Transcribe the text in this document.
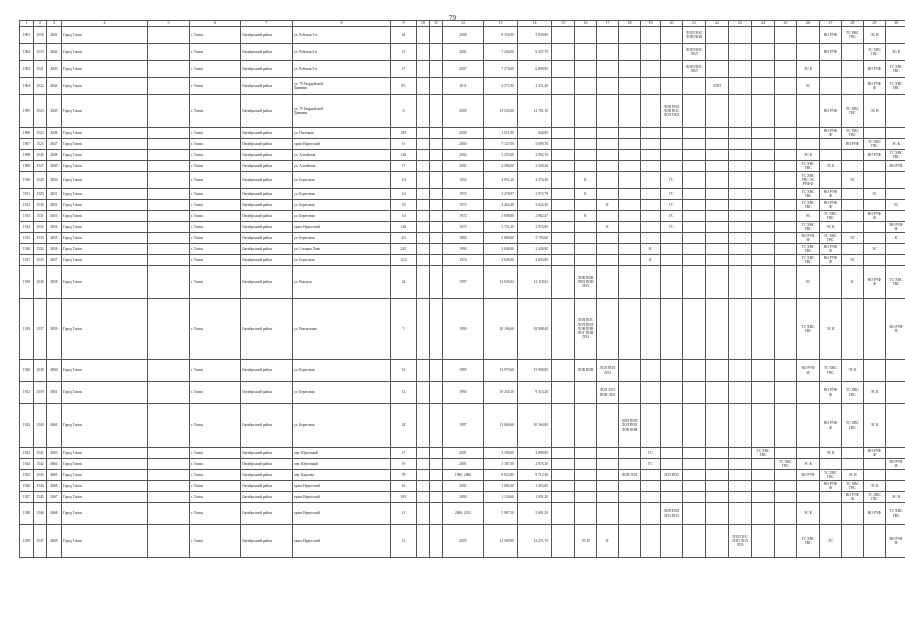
79
1	2	3	4	5	6	7	8	9	10	11	12	13	14	15	16	17	18	19	20	21	22	23	24	25	26	27	28	29	30
1901	1518	4841	Город Томск		г. Томск	Октябрьский район	ул. Рабочая 1-я	44			2008	9 156,90	5 930,80							ЛОП ПОС
ЛОВ ПОВ						ВО РУФ	ТС ХВС
ГВС	ЭС Н	
1902	1519	4842	Город Томск		г. Томск	Октябрьский район	ул. Рабочая 2-я	15			2001	7 244,00	6 507,70							ЛОП ПОС
ЛОЛ						ВО РУФ		ТС ХВС
ГВС	ЭС К
1903	1521	4843	Город Томск		г. Томск	Октябрьский район	ул. Рабочая 3-я	17			2007	7 276,00	6 899,90							ЛОП ПОС
ЛОЛ					ЭС К			ВО РУФ	ТС ХВС
ГВС
1904	1522	4844	Город Томск		г. Томск	Октябрьский район	ул. 79 Гвардейской
Дивизии	8/1			2011	2 571,90	2 311,20								ЛОП				ЭС			ВО РУФ
Ф	ТС ХВС
ГВС
1905	1523	4845	Город Томск		г. Томск	Октябрьский район	ул. 79 Гвардейской
Дивизии	6			2005	15 545,00	13 781,10						ЛОП ПОЛ
ЛОВ ПОС
ЛОЛ ПОЗ							ВО РУФ	ТС ХВС
ГВС	ЭС Н	
1906	1524	4846	Город Томск		г. Томск	Октябрьский район	ул. Пасечная	18/1			2009	1 011,80	944,80													ВО РУФ
Ф	ТС ХВС
ГВС		
1907	1525	4847	Город Томск		г. Томск	Октябрьский район	тракт Иркутский	15			2004	7 127,00	5 699,70														ВО РУФ	ТС ХВС
ГВС	ЭС К
1908	1526	4848	Город Томск		г. Томск	Октябрьский район	ул. Алтайская	126			2002	3 255,60	2 992,70												ЭС К			ВО РУФ	ТС ХВС
ГВС
1909	1527	4849	Город Томск		г. Томск	Октябрьский район	ул. Алтайская	17			2001	2 586,00	2 349,20												ТС ХВС
ГВС	ЭС К			ВО РУФ
1910	1528	4850	Город Томск		г. Томск	Октябрьский район	ул. Береговая	1/3			1952	4 051,20	3 374,30		К				ГС						ТС ХВС
ГВС ЭС
РУФ Ф		ЭС		
1911	1529	4851	Город Томск		г. Томск	Октябрьский район	ул. Береговая	1/2			1972	3 278,97	2 972,79		К				ГС						ТС ХВС
ГВС	ВО РУФ
Ф		ЭС	
1912	1530	4852	Город Томск		г. Томск	Октябрьский район	ул. Береговая	1/5			1972	4 463,40	3 622,30			К			ГС						ТС ХВС
ГВС	ВО РУФ
Ф			ЭС
1913	1531	4853	Город Томск		г. Томск	Октябрьский район	ул. Береговая	1/4			1972	3 698,80	2 862,37		К				ГС						ЭС	ТС ХВС
ГВС		ВО РУФ
Ф	
1914	1532	4854	Город Томск		г. Томск	Октябрьский район	тракт Иркутский	126			1972	3 751,30	2 974,00			К			ГС						ТС ХВС
ГВС	ЭС К			ВО РУФ
Ф
1915	1533	4855	Город Томск		г. Томск	Октябрьский район	ул. Береговая	4/3			1980	5 880,00	5 793,60												ВО РУФ
Ф	ТС ХВС
ГВС	ЭС		К
1916	1534	4856	Город Томск		г. Томск	Октябрьский район	ул. Степана Лаво	24/1			1994	3 046,90	2 449,90					К							ТС ХВС
ГВС	ВО РУФ
Ф		ЭС	
1917	1535	4857	Город Томск		г. Томск	Октябрьский район	ул. Береговая	12/2			1974	3 646,90	2 693,80					К							ТС ХВС
ГВС	ВО РУФ
Ф	ЭС		
1918	1536	4858	Город Томск		г. Томск	Октябрьский район	ул. Вокзала	24			1997	12 945,02	12 118,62		ЛОВ ПОВ
ЛОП ПОН
ЛОЗ										ЭС		К	ВО РУФ
Ф	ТС ХВС
ГВС
1919	1537	4859	Город Томск		г. Томск	Октябрьский район	ул. Вокзальная	5			1990	20 196,60	18 988,40		ЛОП ПОС
ЛОЛ ПОЛ
ЛОВ ПОВ
ЛОГ ПОН
ЛОЗ										ТС ХВС
ГВС	ЭС К			ВО РУФ
Ф
1920	1538	4860	Город Томск		г. Томск	Октябрьский район	ул. Береговая	16			1985	13 979,60	13 900,00		ЛОВ ПОВ	ЛОЛ ПОЛ
ЛОЗ									ВО РУФ
Ф	ТС ХВС
ГВС	ЭС К		
1921	1539	4861	Город Томск		г. Томск	Октябрьский район	ул. Береговая	12			1994	10 230,10	9 314,20			ЛОЛ ЛОЗ
ПОВ ЛОЗ										ВО РУФ
Ф	ТС ХВС
ГВС	ЭС К	
1922	1540	4862	Город Томск		г. Томск	Октябрьский район	ул. Береговая	24			1997	11 064,60	10 364,00				ЛОП ПОП
ЛОЛ ПОЛ
ЛОВ ПОВ									ВО РУФ
Ф	ТС ХВС
ГВС	ЭС К	
1923	1541	4863	Город Томск		г. Томск	Октябрьский район	пер. Юрточный	17			2001	3 190,00	2 899,80					ГС					ТС ХВС
ГВС			ЭС К		ВО РУФ
Ф	
1924	1542	4864	Город Томск		г. Томск	Октябрьский район	пер. Юрточный	19			2001	3 187,30	2 875,30					ГС						ТС ХВС
ГВС	ЭС К				ВО РУФ
Ф
1925	1543	4865	Город Томск		г. Томск	Октябрьский район	пер. Карпова	78			1985, 2006	9 923,80	9 712,30				ЛОП ЛОЛ		ЛОЗ ПОЗ						ВО РУФ	ТС ХВС
ГВС	ЭС Н		
1926	1544	4866	Город Томск		г. Томск	Октябрьский район	тракт Иркутский	16			2001	1 683,20	1 453,00													ВО РУФ
Ф	ТС ХВС
ГВС	ЭС К	
1927	1545	4867	Город Томск		г. Томск	Октябрьский район	тракт Иркутский	18/1			2000	1 130,60	1 091,30														ВО РУФ
Ф	ТС ХВС
ГВС	ЭС Н
1928	1546	4868	Город Томск		г. Томск	Октябрьский район	тракт Иркутский	11			2006, 2012	5 987,10	5 681,20						ЛОП ПОЛ
ЛОЗ ПОЗ						ЭС К			ВО РУФ	ТС ХВС
ГВС
1929	1547	4869	Город Томск		г. Томск	Октябрьский район	тракт Иркутский	12			2005	12 569,90	12 271,70		ЭС Н	К						ЛОЛ ПОС
ЛОП ЛОЛ
ЛОЗ			ТС ХВС
ГВС	ЭС			ВО РУФ
Ф
